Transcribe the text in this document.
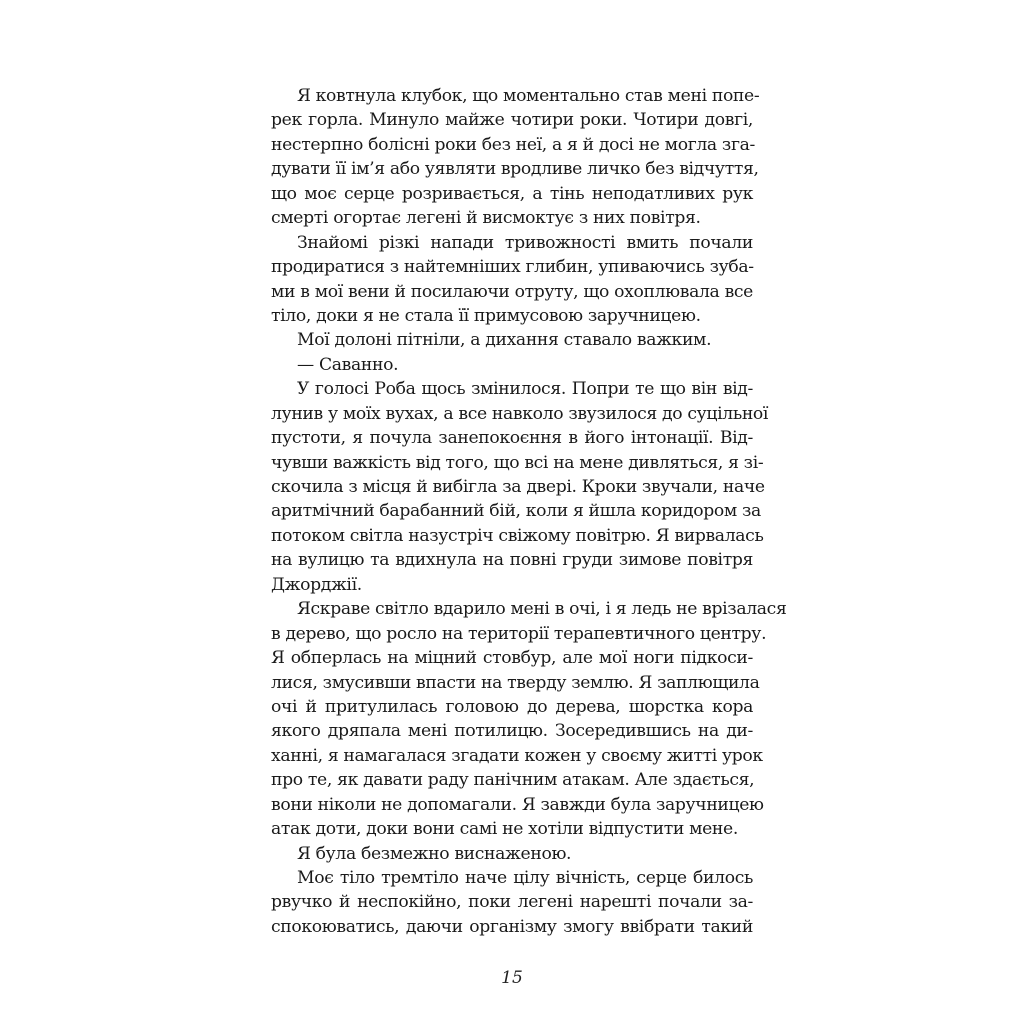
Я ковтнула клубок, що моментально став мені попе-
рек горла. Минуло майже чотири роки. Чотири довгі,
нестерпно болісні роки без неї, а я й досі не могла зга-
дувати її ім’я або уявляти вродливе личко без відчуття,
що моє серце розривається, а тінь неподатливих рук
смерті огортає легені й висмоктує з них повітря.
Знайомі різкі напади тривожності вмить почали
продиратися з найтемніших глибин, упиваючись зуба-
ми в мої вени й посилаючи отруту, що охоплювала все
тіло, доки я не стала її примусовою заручницею.
Мої долоні пітніли, а дихання ставало важким.
— Саванно.
У голосі Роба щось змінилося. Попри те що він від-
лунив у моїх вухах, а все навколо звузилося до суцільної
пустоти, я почула занепокоєння в його інтонації. Від-
чувши важкість від того, що всі на мене дивляться, я зі-
скочила з місця й вибігла за двері. Кроки звучали, наче
аритмічний барабанний бій, коли я йшла коридором за
потоком світла назустріч свіжому повітрю. Я вирвалась
на вулицю та вдихнула на повні груди зимове повітря
Джорджії.
Яскраве світло вдарило мені в очі, і я ледь не врізалася
в дерево, що росло на території терапевтичного центру.
Я обперлась на міцний стовбур, але мої ноги підкоси-
лися, змусивши впасти на тверду землю. Я заплющила
очі й притулилась головою до дерева, шорстка кора
якого дряпала мені потилицю. Зосередившись на ди-
ханні, я намагалася згадати кожен у своєму житті урок
про те, як давати раду панічним атакам. Але здається,
вони ніколи не допомагали. Я завжди була заручницею
атак доти, доки вони самі не хотіли відпустити мене.
Я була безмежно виснаженою.
Моє тіло тремтіло наче цілу вічність, серце билось
рвучко й неспокійно, поки легені нарешті почали за-
спокоюватись, даючи організму змогу ввібрати такий
15
